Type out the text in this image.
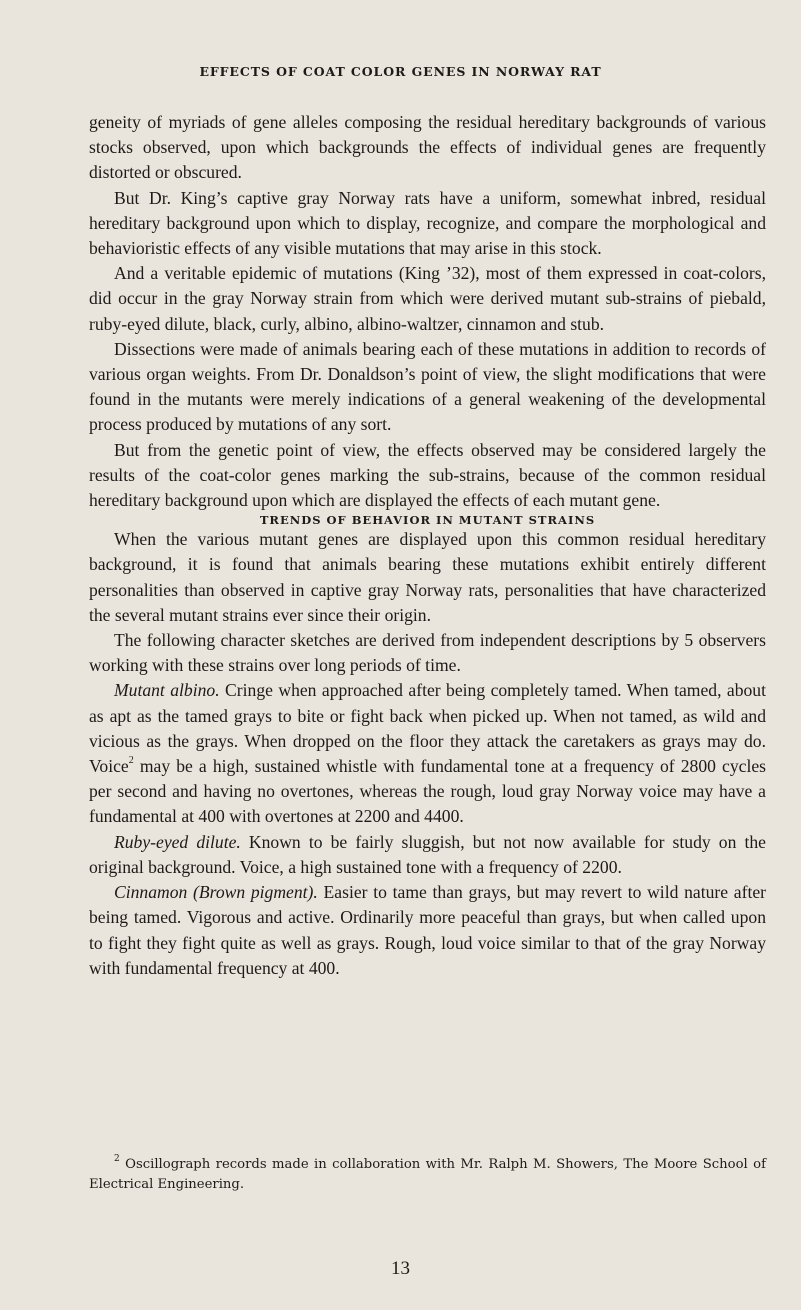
EFFECTS OF COAT COLOR GENES IN NORWAY RAT

geneity of myriads of gene alleles composing the residual hereditary backgrounds of various stocks observed, upon which backgrounds the effects of individual genes are frequently distorted or obscured.

But Dr. King’s captive gray Norway rats have a uniform, somewhat inbred, residual hereditary background upon which to display, recognize, and compare the morphological and behavioristic effects of any visible mutations that may arise in this stock.

And a veritable epidemic of mutations (King ’32), most of them expressed in coat-colors, did occur in the gray Norway strain from which were derived mutant sub-strains of piebald, ruby-eyed dilute, black, curly, albino, albino-waltzer, cinnamon and stub.

Dissections were made of animals bearing each of these mutations in addition to records of various organ weights. From Dr. Donaldson’s point of view, the slight modifications that were found in the mutants were merely indications of a general weakening of the developmental process produced by mutations of any sort.

But from the genetic point of view, the effects observed may be considered largely the results of the coat-color genes marking the sub-strains, because of the common residual hereditary background upon which are displayed the effects of each mutant gene.

TRENDS OF BEHAVIOR IN MUTANT STRAINS

When the various mutant genes are displayed upon this common residual hereditary background, it is found that animals bearing these mutations exhibit entirely different personalities than observed in captive gray Norway rats, personalities that have characterized the several mutant strains ever since their origin.

The following character sketches are derived from independent descriptions by 5 observers working with these strains over long periods of time.

Mutant albino. Cringe when approached after being completely tamed. When tamed, about as apt as the tamed grays to bite or fight back when picked up. When not tamed, as wild and vicious as the grays. When dropped on the floor they attack the caretakers as grays may do. Voice$^2$ may be a high, sustained whistle with fundamental tone at a frequency of 2800 cycles per second and having no overtones, whereas the rough, loud gray Norway voice may have a fundamental at 400 with overtones at 2200 and 4400.

Ruby-eyed dilute. Known to be fairly sluggish, but not now available for study on the original background. Voice, a high sustained tone with a frequency of 2200.

Cinnamon (Brown pigment). Easier to tame than grays, but may revert to wild nature after being tamed. Vigorous and active. Ordinarily more peaceful than grays, but when called upon to fight they fight quite as well as grays. Rough, loud voice similar to that of the gray Norway with fundamental frequency at 400.

$^2$ Oscillograph records made in collaboration with Mr. Ralph M. Showers, The Moore School of Electrical Engineering.
13
